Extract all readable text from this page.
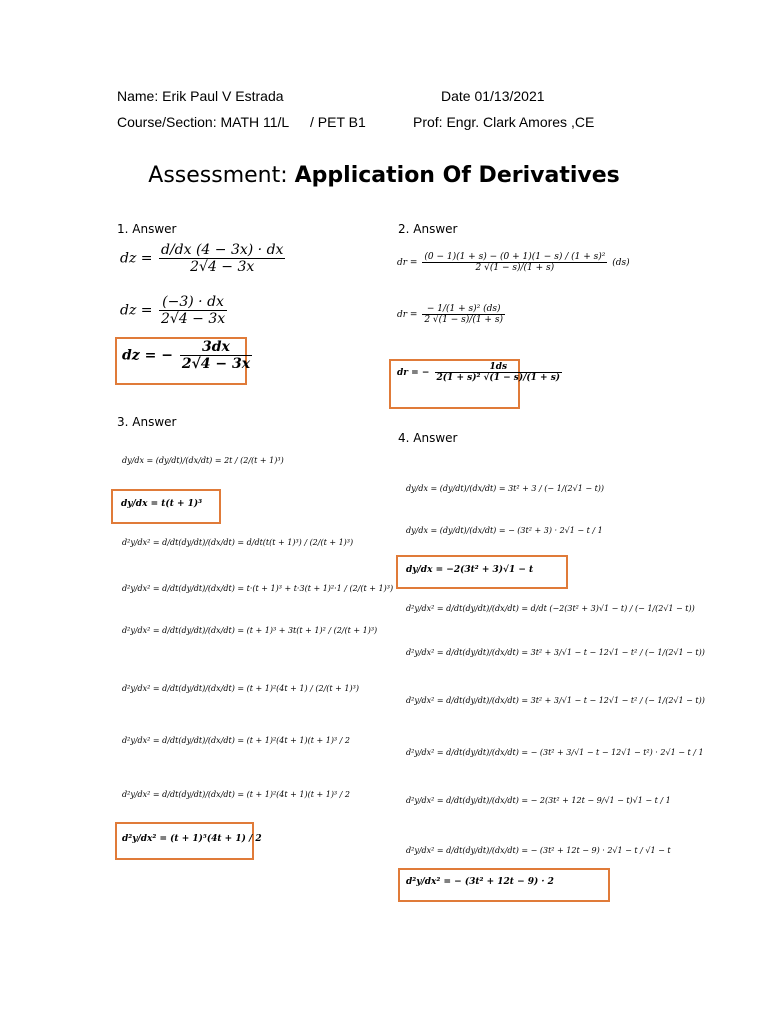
Name: Erik Paul V Estrada	Date 01/13/2021
Course/Section: MATH 11/L / PET B1	Prof: Engr. Clark Amores ,CE
Assessment: Application Of Derivatives
1. Answer
dz = $\frac{d/dx (4 - 3x) \cdot dx}{2√4 - 3x}$
dz = $\frac{(-3) \cdot dx}{2√4 - 3x}$
dz = − $\frac{3dx}{2√4 - 3x}$
2. Answer
dr = $\frac{\text{(0 − 1)(1 + s) − (0 + 1)(1 − s) / (1 + s)²}}{2 √(1 - s)/(1 + s)} (ds)$
dr = $\frac{\text{− 1/(1 + s)² (ds)}}{2 √(1 - s)/(1 + s)}$
dr = − $\frac{1ds}{\text{2(1 + s)² √(1 − s)/(1 + s)}}$
3. Answer
dy/dx = (dy/dt)/(dx/dt) = 2t / (2/(t + 1)³)
dy/dx = t(t + 1)³
d²y/dx² = d/dt(dy/dt)/(dx/dt) = d/dt(t(t + 1)³) / (2/(t + 1)³)
d²y/dx² = d/dt(dy/dt)/(dx/dt) = t·(t + 1)³ + t·3(t + 1)²·1 / (2/(t + 1)³)
d²y/dx² = d/dt(dy/dt)/(dx/dt) = (t + 1)³ + 3t(t + 1)² / (2/(t + 1)³)
d²y/dx² = d/dt(dy/dt)/(dx/dt) = (t + 1)²(4t + 1) / (2/(t + 1)³)
d²y/dx² = d/dt(dy/dt)/(dx/dt) = (t + 1)²(4t + 1)(t + 1)³ / 2
d²y/dx² = d/dt(dy/dt)/(dx/dt) = (t + 1)²(4t + 1)(t + 1)³ / 2
d²y/dx² = (t + 1)⁵(4t + 1) / 2
4. Answer
dy/dx = (dy/dt)/(dx/dt) = 3t² + 3 / (− 1/(2√1 − t))
dy/dx = (dy/dt)/(dx/dt) = − (3t² + 3) · 2√1 − t / 1
dy/dx = −2(3t² + 3)√1 − t
d²y/dx² = d/dt(dy/dt)/(dx/dt) = d/dt (−2(3t² + 3)√1 − t) / (− 1/(2√1 − t))
d²y/dx² = d/dt(dy/dt)/(dx/dt) = 3t² + 3/√1 − t − 12√1 − t² / (− 1/(2√1 − t))
d²y/dx² = d/dt(dy/dt)/(dx/dt) = 3t² + 3/√1 − t − 12√1 − t² / (− 1/(2√1 − t))
d²y/dx² = d/dt(dy/dt)/(dx/dt) = − (3t² + 3/√1 − t − 12√1 − t²) · 2√1 − t / 1
d²y/dx² = d/dt(dy/dt)/(dx/dt) = − 2(3t² + 12t − 9/√1 − t)√1 − t / 1
d²y/dx² = d/dt(dy/dt)/(dx/dt) = − (3t² + 12t − 9) · 2√1 − t / √1 − t
d²y/dx² = − (3t² + 12t − 9) · 2
